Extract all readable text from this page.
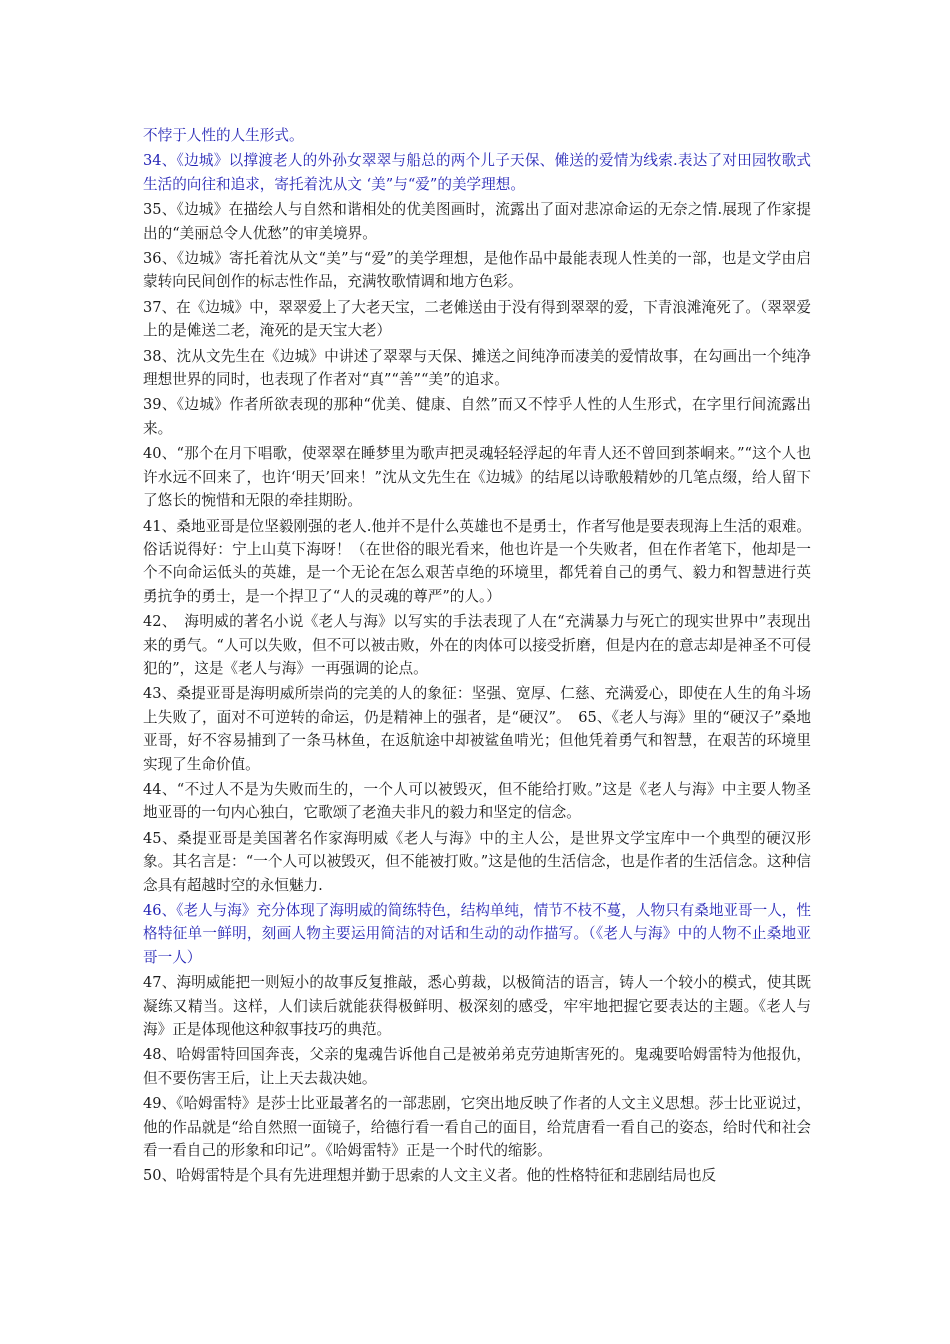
不悖于人性的人生形式。

34、《边城》以撑渡老人的外孙女翠翠与船总的两个儿子天保、傩送的爱情为线索.表达了对田园牧歌式生活的向往和追求，寄托着沈从文 ‘美”与“爱”的美学理想。

35、《边城》在描绘人与自然和谐相处的优美图画时，流露出了面对悲凉命运的无奈之情.展现了作家提出的“美丽总令人优愁”的审美境界。

36、《边城》寄托着沈从文“美”与“爱”的美学理想，是他作品中最能表现人性美的一部，也是文学由启蒙转向民间创作的标志性作品，充满牧歌情调和地方色彩。

37、在《边城》中，翠翠爱上了大老天宝，二老傩送由于没有得到翠翠的爱，下青浪滩淹死了。（翠翠爱上的是傩送二老，淹死的是天宝大老）

38、沈从文先生在《边城》中讲述了翠翠与天保、摊送之间纯净而凄美的爱情故事，在勾画出一个纯净理想世界的同时，也表现了作者对“真”“善”“美”的追求。

39、《边城》作者所欲表现的那种“优美、健康、自然”而又不悖乎人性的人生形式，在字里行间流露出来。

40、“那个在月下唱歌，使翠翠在睡梦里为歌声把灵魂轻轻浮起的年青人还不曾回到茶峒来。”“这个人也许水远不回来了，也许‘明天’回来！”沈从文先生在《边城》的结尾以诗歌般精妙的几笔点缀，给人留下了悠长的惋惜和无限的牵挂期盼。

41、桑地亚哥是位坚毅刚强的老人.他并不是什么英雄也不是勇士，作者写他是要表现海上生活的艰难。俗话说得好：宁上山莫下海呀！（在世俗的眼光看来，他也许是一个失败者，但在作者笔下，他却是一个不向命运低头的英雄，是一个无论在怎么艰苦卓绝的环境里，都凭着自己的勇气、毅力和智慧进行英勇抗争的勇士，是一个捍卫了“人的灵魂的尊严”的人。）

42、　海明威的著名小说《老人与海》以写实的手法表现了人在“充满暴力与死亡的现实世界中”表现出来的勇气。“人可以失败，但不可以被击败，外在的肉体可以接受折磨，但是内在的意志却是神圣不可侵犯的”，这是《老人与海》一再强调的论点。

43、桑提亚哥是海明威所崇尚的完美的人的象征：坚强、宽厚、仁慈、充满爱心，即使在人生的角斗场上失败了，面对不可逆转的命运，仍是精神上的强者，是“硬汉”。　65、《老人与海》里的“硬汉子”桑地亚哥，好不容易捕到了一条马林鱼，在返航途中却被鲨鱼啃光；但他凭着勇气和智慧，在艰苦的环境里实现了生命价值。

44、“不过人不是为失败而生的，一个人可以被毁灭，但不能给打败。”这是《老人与海》中主要人物圣地亚哥的一句内心独白，它歌颂了老渔夫非凡的毅力和坚定的信念。

45、桑提亚哥是美国著名作家海明威《老人与海》中的主人公，是世界文学宝库中一个典型的硬汉形象。其名言是：“一个人可以被毁灭，但不能被打败。”这是他的生活信念，也是作者的生活信念。这种信念具有超越时空的永恒魅力.

46、《老人与海》充分体现了海明威的简练特色，结构单纯，情节不枝不蔓，人物只有桑地亚哥一人，性格特征单一鲜明，刻画人物主要运用简洁的对话和生动的动作描写。（《老人与海》中的人物不止桑地亚哥一人）

47、海明威能把一则短小的故事反复推敲，悉心剪裁，以极简洁的语言，铸人一个较小的模式，使其既凝练又精当。这样，人们读后就能获得极鲜明、极深刻的感受，牢牢地把握它要表达的主题。《老人与海》正是体现他这种叙事技巧的典范。

48、哈姆雷特回国奔丧，父亲的鬼魂告诉他自己是被弟弟克劳迪斯害死的。鬼魂要哈姆雷特为他报仇，但不要伤害王后，让上天去裁决她。

49、《哈姆雷特》是莎士比亚最著名的一部悲剧，它突出地反映了作者的人文主义思想。莎士比亚说过，他的作品就是“给自然照一面镜子，给德行看一看自己的面目，给荒唐看一看自己的姿态，给时代和社会看一看自己的形象和印记”。《哈姆雷特》正是一个时代的缩影。

50、哈姆雷特是个具有先进理想并勤于思索的人文主义者。他的性格特征和悲剧结局也反
